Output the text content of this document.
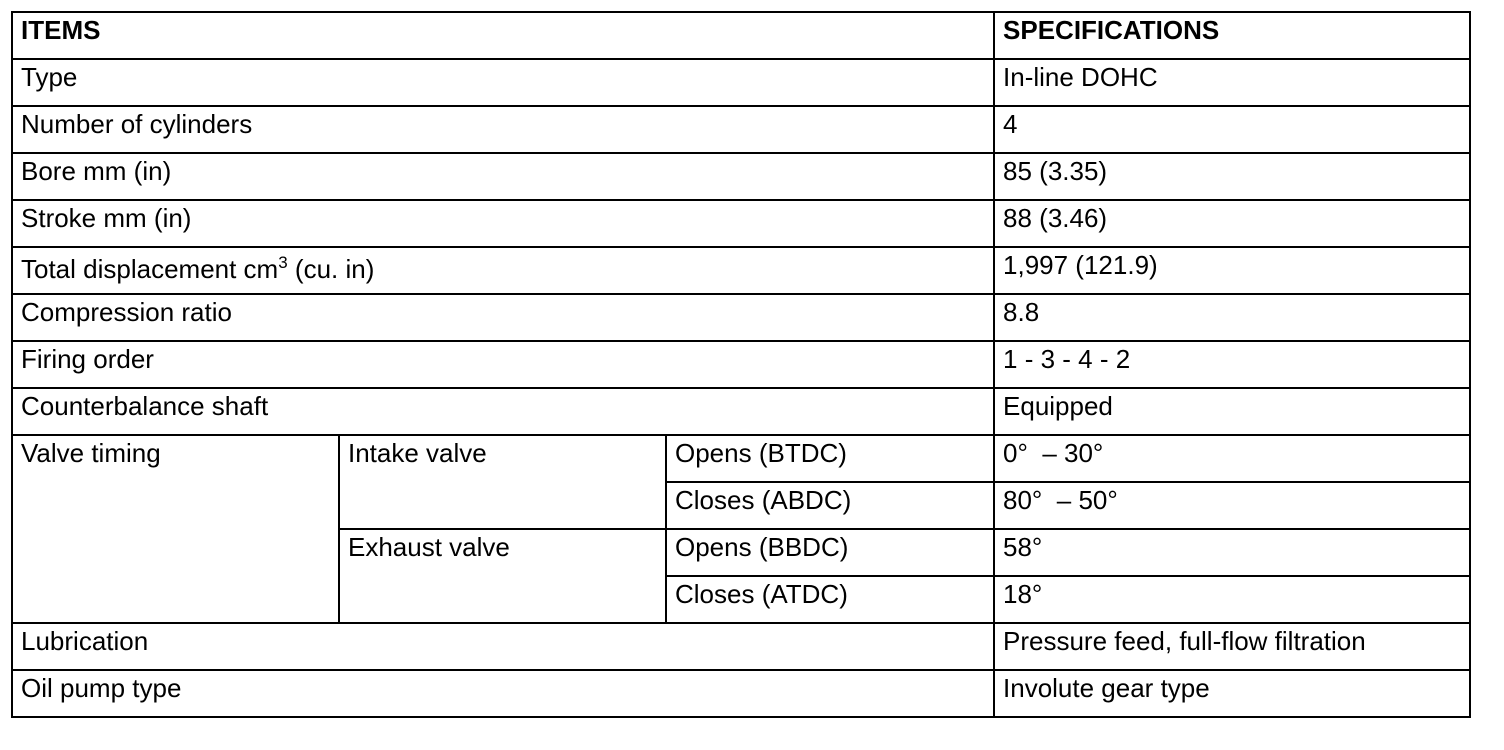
ITEMS			SPECIFICATIONS
Type			In-line DOHC
Number of cylinders			4
Bore mm (in)			85 (3.35)
Stroke mm (in)			88 (3.46)
Total displacement $cm^3$ (cu. in)			1,997 (121.9)
Compression ratio			8.8
Firing order			1 - 3 - 4 - 2
Counterbalance shaft			Equipped
Valve timing	Intake valve	Opens (BTDC)	0°  – 30°
		Closes (ABDC)	80°  – 50°
	Exhaust valve	Opens (BBDC)	58°
		Closes (ATDC)	18°
Lubrication			Pressure feed, full-flow filtration
Oil pump type			Involute gear type
